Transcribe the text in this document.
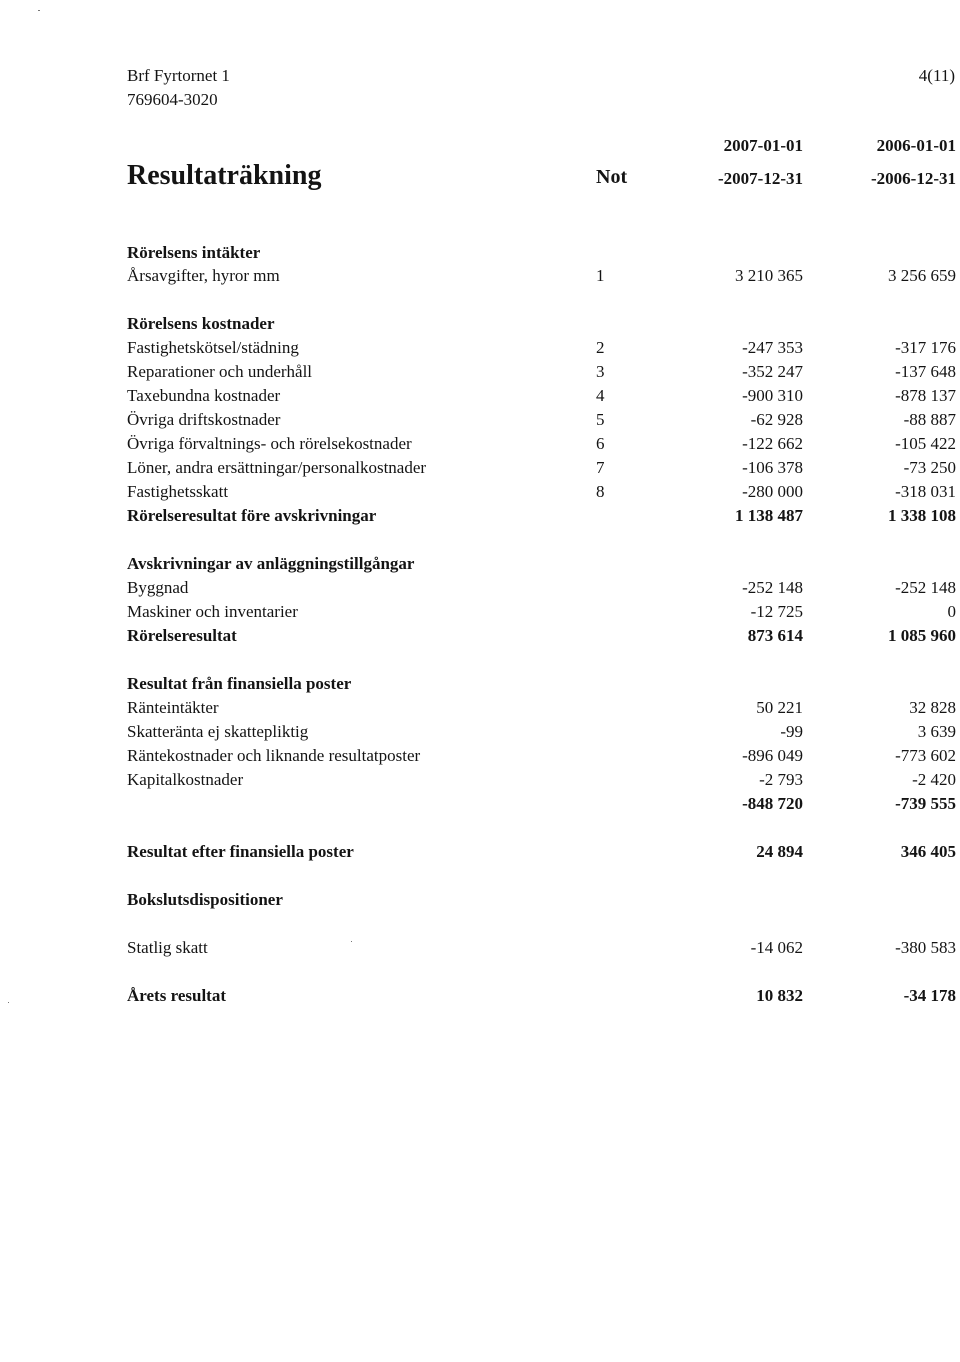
Brf Fyrtornet 1
769604-3020
4(11)
Resultaträkning	Not
2007-01-01
-2007-12-31
2006-01-01
-2006-12-31
Rörelsens intäkter
Årsavgifter, hyror mm	1	3 210 365	3 256 659
Rörelsens kostnader
Fastighetskötsel/städning	2	-247 353	-317 176
Reparationer och underhåll	3	-352 247	-137 648
Taxebundna kostnader	4	-900 310	-878 137
Övriga driftskostnader	5	-62 928	-88 887
Övriga förvaltnings- och rörelsekostnader	6	-122 662	-105 422
Löner, andra ersättningar/personalkostnader	7	-106 378	-73 250
Fastighetsskatt	8	-280 000	-318 031
Rörelseresultat före avskrivningar	1 138 487	1 338 108
Avskrivningar av anläggningstillgångar
Byggnad	-252 148	-252 148
Maskiner och inventarier	-12 725	0
Rörelseresultat	873 614	1 085 960
Resultat från finansiella poster
Ränteintäkter	50 221	32 828
Skatteränta ej skattepliktig	-99	3 639
Räntekostnader och liknande resultatposter	-896 049	-773 602
Kapitalkostnader	-2 793	-2 420
-848 720	-739 555
Resultat efter finansiella poster	24 894	346 405
Bokslutsdispositioner
Statlig skatt	-14 062	-380 583
Årets resultat	10 832	-34 178
